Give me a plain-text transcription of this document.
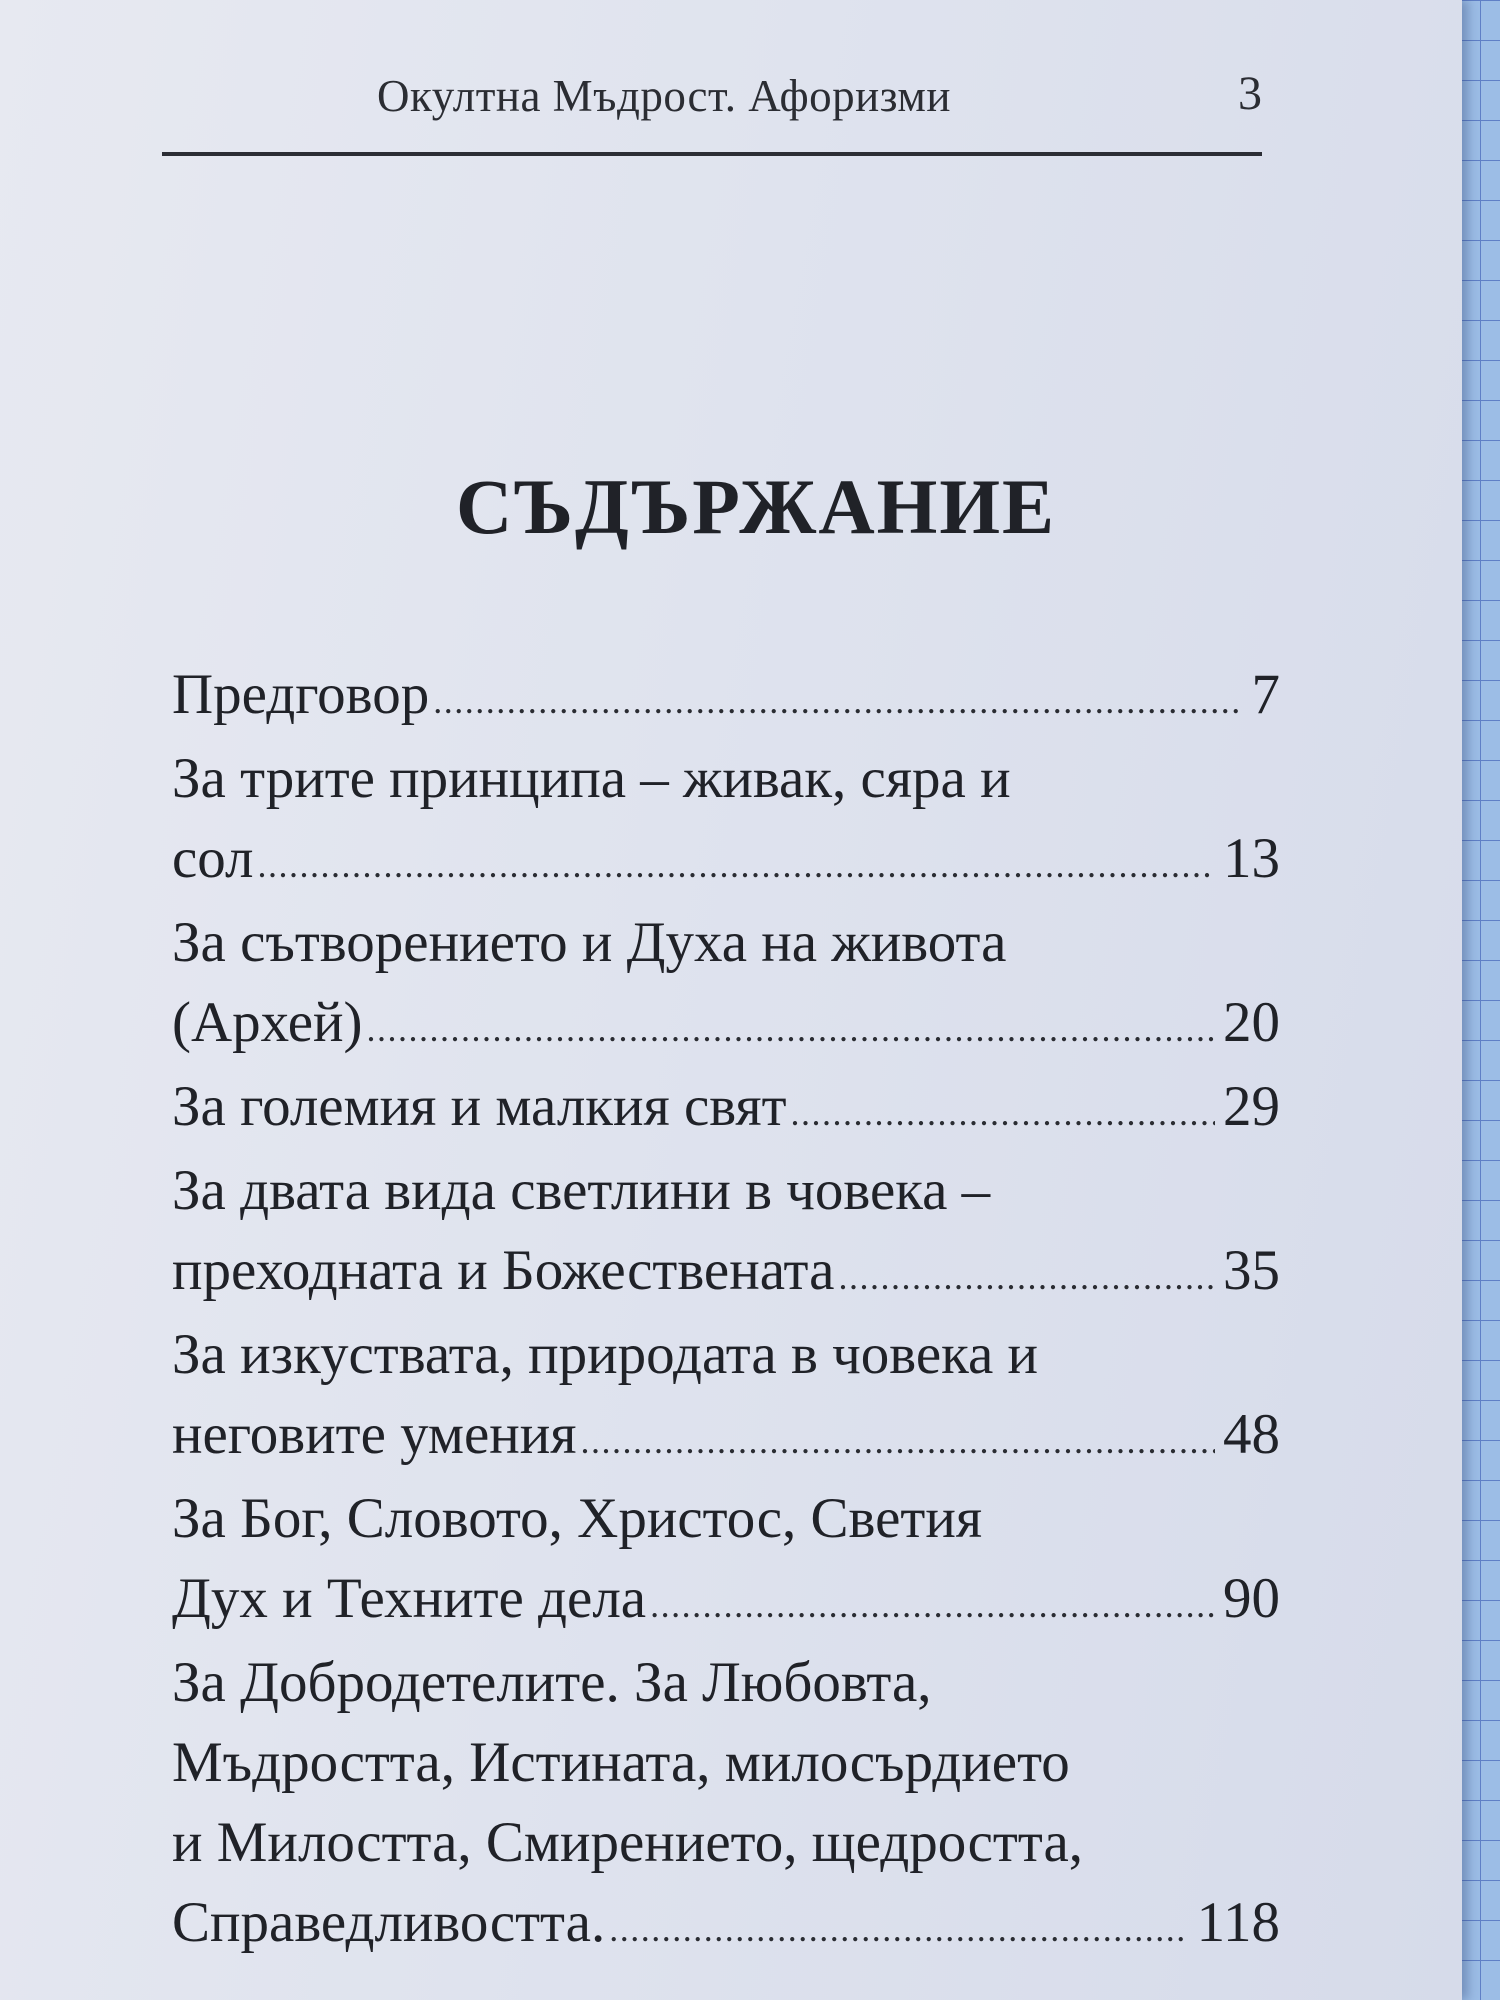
Окултна Мъдрост. Афоризми	3
СЪДЪРЖАНИЕ
Предговор .....	7
За трите принципа – живак, сяра и
сол .....	13
За сътворението и Духа на живота
(Архей) .....	20
За големия и малкия свят .....	29
За двата вида светлини в човека –
преходната и Божествената .....	35
За изкуствата, природата в човека и
неговите умения .....	48
За Бог, Словото, Христос, Светия
Дух и Техните дела .....	90
За Добродетелите. За Любовта,
Мъдростта, Истината, милосърдието
и Милостта, Смирението, щедростта,
Справедливостта. .....	118
